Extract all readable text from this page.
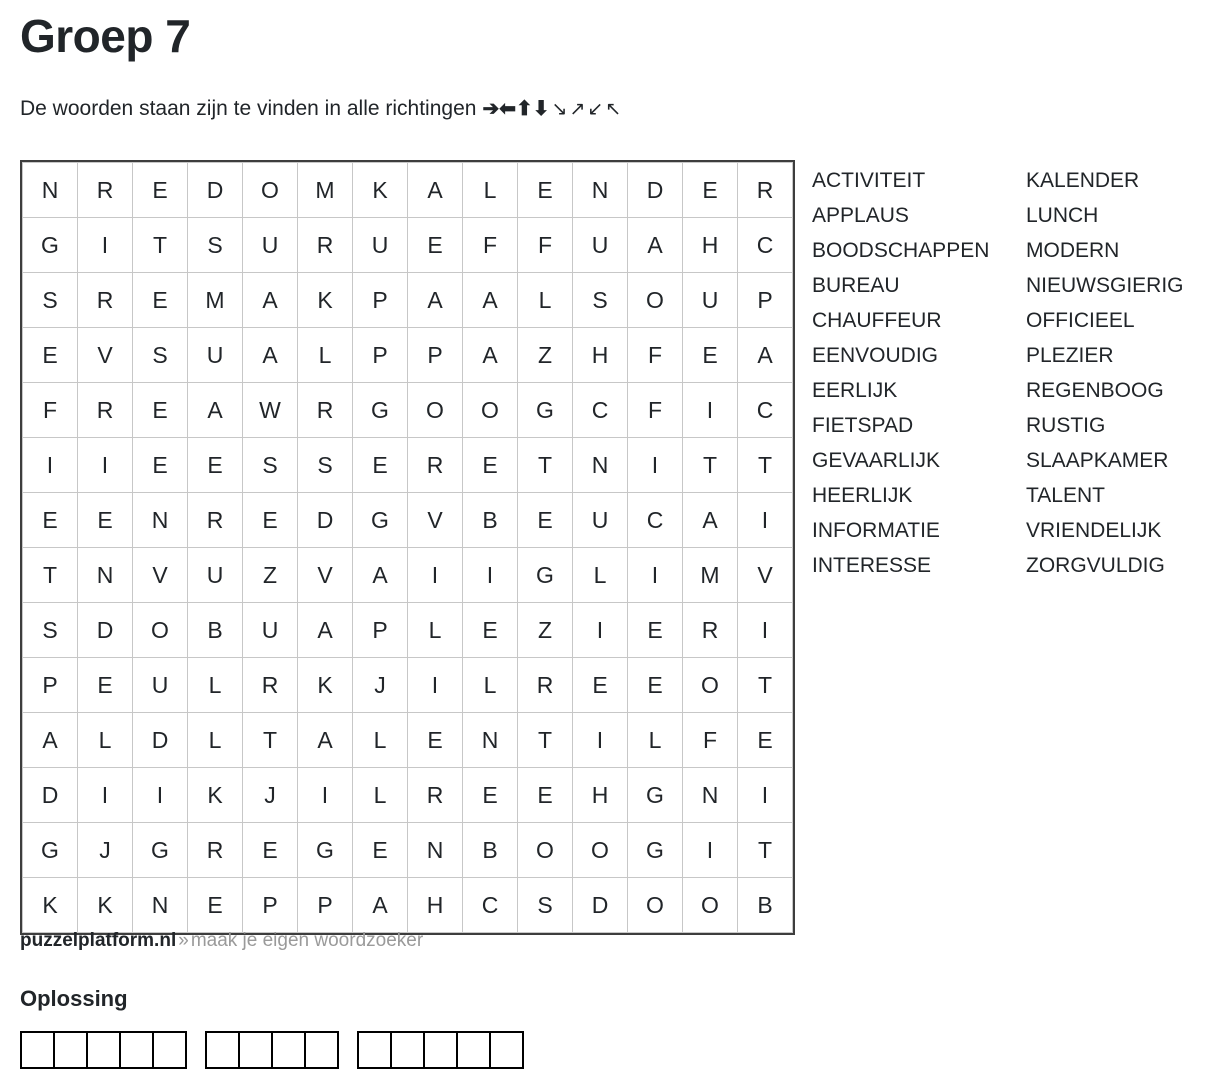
Groep 7
De woorden staan zijn te vinden in alle richtingen ➔⬅⬆⬇ ↘ ↗ ↙ ↖
N	R	E	D	O	M	K	A	L	E	N	D	E	R
G	I	T	S	U	R	U	E	F	F	U	A	H	C
S	R	E	M	A	K	P	A	A	L	S	O	U	P
E	V	S	U	A	L	P	P	A	Z	H	F	E	A
F	R	E	A	W	R	G	O	O	G	C	F	I	C
I	I	E	E	S	S	E	R	E	T	N	I	T	T
E	E	N	R	E	D	G	V	B	E	U	C	A	I
T	N	V	U	Z	V	A	I	I	G	L	I	M	V
S	D	O	B	U	A	P	L	E	Z	I	E	R	I
P	E	U	L	R	K	J	I	L	R	E	E	O	T
A	L	D	L	T	A	L	E	N	T	I	L	F	E
D	I	I	K	J	I	L	R	E	E	H	G	N	I
G	J	G	R	E	G	E	N	B	O	O	G	I	T
K	K	N	E	P	P	A	H	C	S	D	O	O	B
ACTIVITEIT
APPLAUS
BOODSCHAPPEN
BUREAU
CHAUFFEUR
EENVOUDIG
EERLIJK
FIETSPAD
GEVAARLIJK
HEERLIJK
INFORMATIE
INTERESSE
KALENDER
LUNCH
MODERN
NIEUWSGIERIG
OFFICIEEL
PLEZIER
REGENBOOG
RUSTIG
SLAAPKAMER
TALENT
VRIENDELIJK
ZORGVULDIG
puzzelplatform.nl » maak je eigen woordzoeker
Oplossing
